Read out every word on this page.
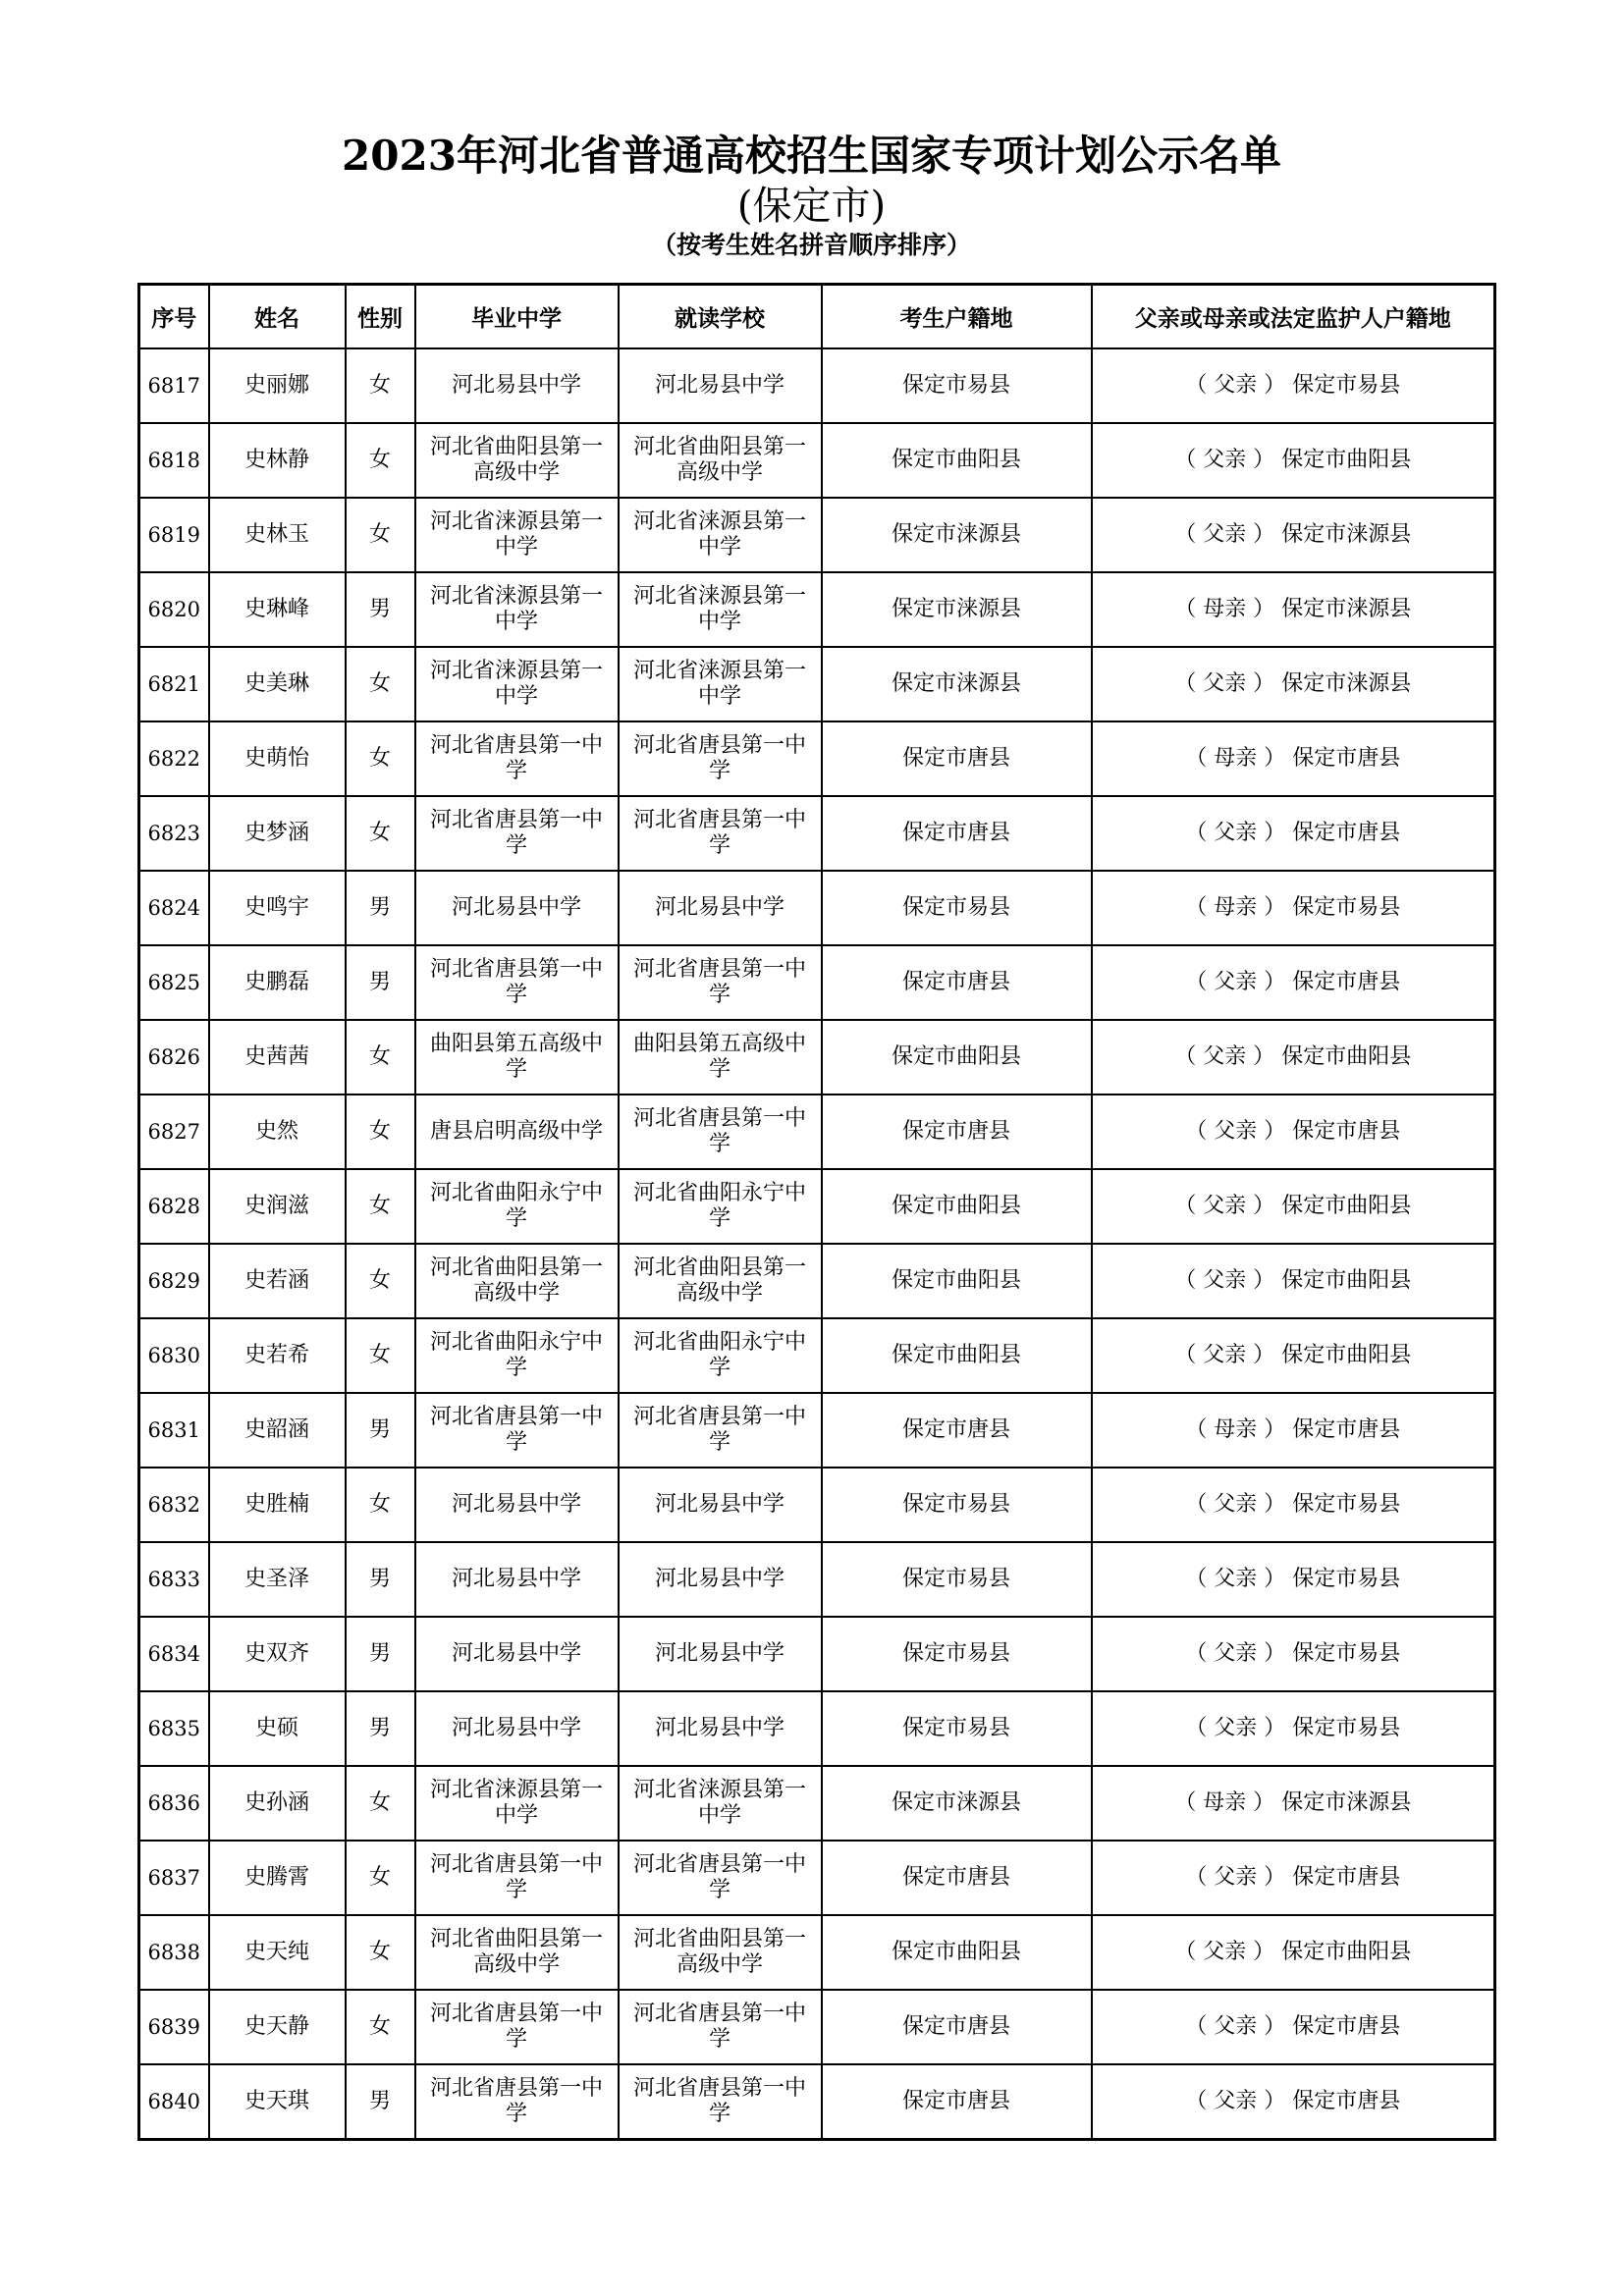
2023年河北省普通高校招生国家专项计划公示名单
(保定市)
（按考生姓名拼音顺序排序）
序号	姓名	性别	毕业中学	就读学校	考生户籍地	父亲或母亲或法定监护人户籍地
6817	史丽娜	女	河北易县中学	河北易县中学	保定市易县	（ 父亲 ） 保定市易县
6818	史林静	女	河北省曲阳县第一高级中学	河北省曲阳县第一高级中学	保定市曲阳县	（ 父亲 ） 保定市曲阳县
6819	史林玉	女	河北省涞源县第一中学	河北省涞源县第一中学	保定市涞源县	（ 父亲 ） 保定市涞源县
6820	史琳峰	男	河北省涞源县第一中学	河北省涞源县第一中学	保定市涞源县	（ 母亲 ） 保定市涞源县
6821	史美琳	女	河北省涞源县第一中学	河北省涞源县第一中学	保定市涞源县	（ 父亲 ） 保定市涞源县
6822	史萌怡	女	河北省唐县第一中学	河北省唐县第一中学	保定市唐县	（ 母亲 ） 保定市唐县
6823	史梦涵	女	河北省唐县第一中学	河北省唐县第一中学	保定市唐县	（ 父亲 ） 保定市唐县
6824	史鸣宇	男	河北易县中学	河北易县中学	保定市易县	（ 母亲 ） 保定市易县
6825	史鹏磊	男	河北省唐县第一中学	河北省唐县第一中学	保定市唐县	（ 父亲 ） 保定市唐县
6826	史茜茜	女	曲阳县第五高级中学	曲阳县第五高级中学	保定市曲阳县	（ 父亲 ） 保定市曲阳县
6827	史然	女	唐县启明高级中学	河北省唐县第一中学	保定市唐县	（ 父亲 ） 保定市唐县
6828	史润滋	女	河北省曲阳永宁中学	河北省曲阳永宁中学	保定市曲阳县	（ 父亲 ） 保定市曲阳县
6829	史若涵	女	河北省曲阳县第一高级中学	河北省曲阳县第一高级中学	保定市曲阳县	（ 父亲 ） 保定市曲阳县
6830	史若希	女	河北省曲阳永宁中学	河北省曲阳永宁中学	保定市曲阳县	（ 父亲 ） 保定市曲阳县
6831	史韶涵	男	河北省唐县第一中学	河北省唐县第一中学	保定市唐县	（ 母亲 ） 保定市唐县
6832	史胜楠	女	河北易县中学	河北易县中学	保定市易县	（ 父亲 ） 保定市易县
6833	史圣泽	男	河北易县中学	河北易县中学	保定市易县	（ 父亲 ） 保定市易县
6834	史双齐	男	河北易县中学	河北易县中学	保定市易县	（ 父亲 ） 保定市易县
6835	史硕	男	河北易县中学	河北易县中学	保定市易县	（ 父亲 ） 保定市易县
6836	史孙涵	女	河北省涞源县第一中学	河北省涞源县第一中学	保定市涞源县	（ 母亲 ） 保定市涞源县
6837	史腾霄	女	河北省唐县第一中学	河北省唐县第一中学	保定市唐县	（ 父亲 ） 保定市唐县
6838	史天纯	女	河北省曲阳县第一高级中学	河北省曲阳县第一高级中学	保定市曲阳县	（ 父亲 ） 保定市曲阳县
6839	史天静	女	河北省唐县第一中学	河北省唐县第一中学	保定市唐县	（ 父亲 ） 保定市唐县
6840	史天琪	男	河北省唐县第一中学	河北省唐县第一中学	保定市唐县	（ 父亲 ） 保定市唐县
